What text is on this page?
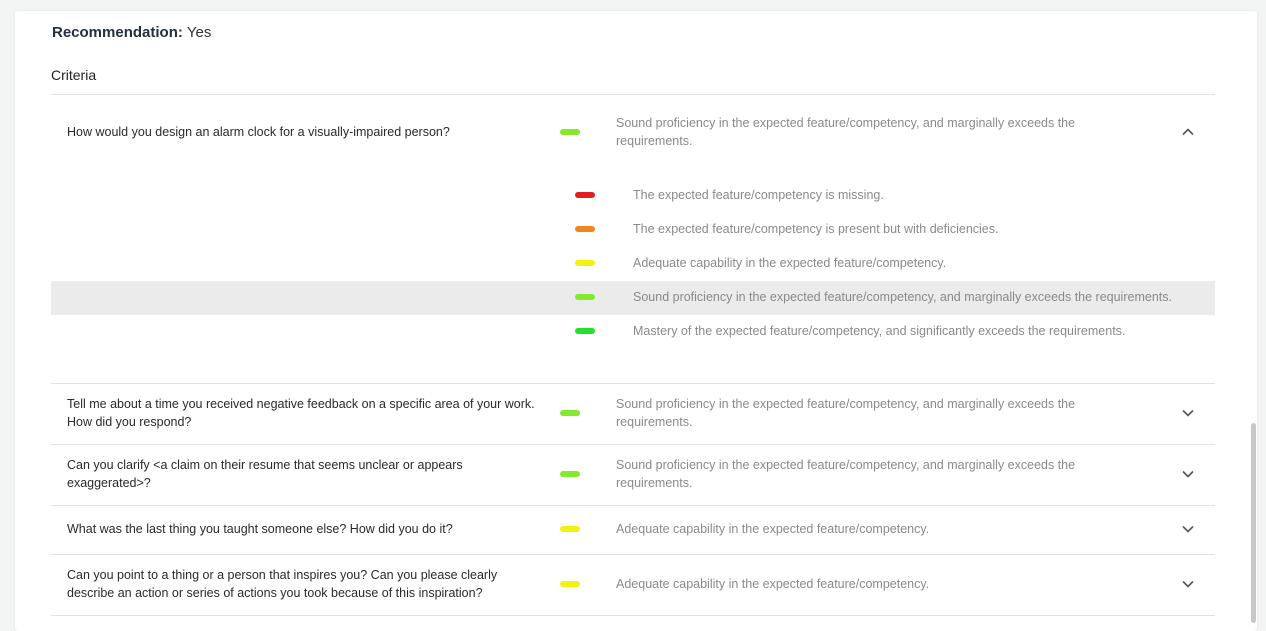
Recommendation: Yes
Criteria
How would you design an alarm clock for a visually-impaired person?
Sound proficiency in the expected feature/competency, and marginally exceeds the requirements.
The expected feature/competency is missing.
The expected feature/competency is present but with deficiencies.
Adequate capability in the expected feature/competency.
Sound proficiency in the expected feature/competency, and marginally exceeds the requirements.
Mastery of the expected feature/competency, and significantly exceeds the requirements.
Tell me about a time you received negative feedback on a specific area of your work. How did you respond?
Sound proficiency in the expected feature/competency, and marginally exceeds the requirements.
Can you clarify <a claim on their resume that seems unclear or appears exaggerated>?
Sound proficiency in the expected feature/competency, and marginally exceeds the requirements.
What was the last thing you taught someone else? How did you do it?	Adequate capability in the expected feature/competency.
Can you point to a thing or a person that inspires you? Can you please clearly describe an action or series of actions you took because of this inspiration?
Adequate capability in the expected feature/competency.
